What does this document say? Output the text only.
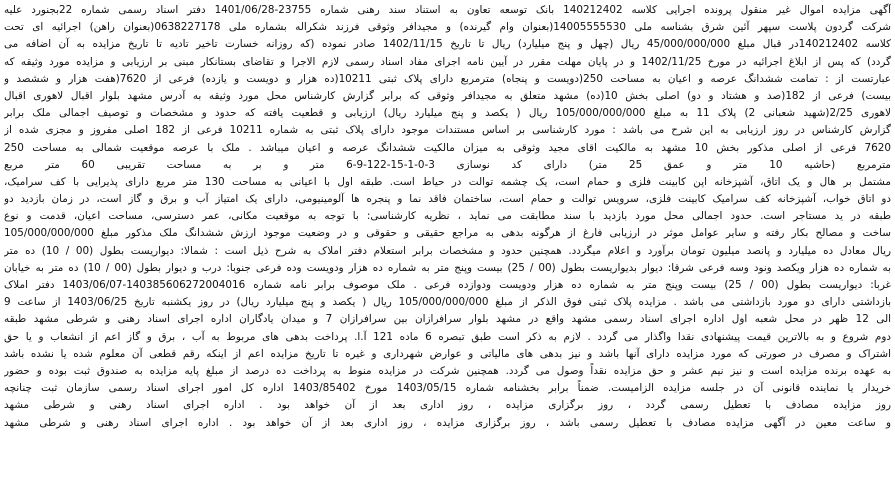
آگهی مزایده اموال غیر منقول پرونده اجرایی کلاسه 140212402 بانک توسعه تعاون به استناد سند رهنی شماره 23755-1401/06/28 دفتر اسناد رسمی شماره 22بجنورد علیه
شرکت گردون پلاست سپهر آئین شرق بشناسه ملی 14005555530(بعنوان وام گیرنده) و مجیدافر وثوقی فرزند شکراله بشماره ملی 0638227178(بعنوان راهن) اجرائیه ای تحت
کلاسه 140212402در قبال مبلغ 45/000/000/000 ریال (چهل و پنج میلیارد) ریال تا تاریخ 1402/11/15 صادر نموده (که روزانه خسارت تاخیر تادیه تا تاریخ مزایده به آن اضافه می
گردد) که پس از ابلاغ اجرائیه در مورخ 1402/11/25 و در پایان مهلت مقرر در آیین نامه اجرای مفاد اسناد رسمی لازم الاجرا و تقاضای بستانکار مبنی بر ارزیابی و مزایده مورد وثیقه که
عبارتست از : تمامت ششدانگ عرصه و اعیان به مساحت 250(دویست و پنجاه) مترمربع دارای پلاک ثبتی 10211(ده هزار و دویست و یازده) فرعی از 7620(هفت هزار و ششصد و
بیست) فرعی از 182(صد و هشتاد و دو) اصلی بخش 10(ده) مشهد متعلق به مجیدافر وثوقی که برابر گزارش کارشناس محل مورد وثیقه به آدرس مشهد بلوار اقبال لاهوری اقبال
لاهوری 2/25(شهید شعبانی 2) پلاک 11 به مبلغ 105/000/000/000 ریال ( یکصد و پنج میلیارد ریال) ارزیابی و قطعیت یافته که حدود و مشخصات و توصیف اجمالی ملک برابر
گزارش کارشناس در روز ارزیابی به این شرح می باشد : مورد کارشناسی بر اساس مستندات موجود دارای پلاک ثبتی به شماره 10211 فرعی از 182 اصلی مفروز و مجزی شده از
7620 فرعی از اصلی مذکور بخش 10 مشهد به مالکیت اقای مجید وثوقی به میزان مالکیت ششدانگ عرصه و اعیان میباشد . ملک با عرصه موقعیت شمالی به مساحت 250
مترمربع (حاشیه 10 متر و عمق 25 متر) دارای کد نوسازی 3-0-1-15-122-9-6 متر و بر به مساحت تقریبی 60 متر مربع
مشتمل بر هال و یک اتاق، آشپزخانه اپن کابینت فلزی و حمام است، یک چشمه توالت در حیاط است. طبقه اول با اعیانی به مساحت 130 متر مربع دارای پذیرایی با کف سرامیک،
دو اتاق خواب، آشپزخانه کف سرامیک کابینت فلزی، سرویس توالت و حمام است، ساختمان فاقد نما و پنجره ها آلومینیومی، دارای یک امتیاز آب و برق و گاز است، در زمان بازدید دو
طبقه در ید مستاجر است. حدود اجمالی محل مورد بازدید با سند مطابقت می نماید ، نظریه کارشناسی: با توجه به موقعیت مکانی، عمر دسترسی، مساحت اعیان، قدمت و نوع
ساخت و مصالح بکار رفته و سایر عوامل موثر در ارزیابی فارغ از هرگونه بدهی به مراجع حقیقی و حقوقی و در وضعیت موجود ارزش ششدانگ ملک مذکور مبلغ 105/000/000/000
ریال معادل ده میلیارد و پانصد میلیون تومان برآورد و اعلام میگردد. همچنین حدود و مشخصات برابر استعلام دفتر املاک به شرح ذیل است : شمالا: دیواریست بطول (00 / 10) ده متر
به شماره ده هزار ویکصد ونود وسه فرعی شرقا: دیوار بدیواریست بطول (00 / 25) بیست وپنج متر به شماره ده هزار ودویست وده فرعی جنوبا: درب و دیوار بطول (00 / 10) ده متر به خیابان
غربا: دیواریست بطول (00 / 25) بیست وپنج متر به شماره ده هزار ودویست ودوازده فرعی . ملک موصوف برابر نامه شماره 140385606272004016-1403/06/07 دفتر املاک
بازداشتی دارای دو مورد بازداشتی می باشد . مزایده پلاک ثبتی فوق الذکر از مبلغ 105/000/000/000 ریال ( یکصد و پنج میلیارد ریال) در روز یکشنبه تاریخ 1403/06/25 از ساعت 9
الی 12 ظهر در محل شعبه اول اداره اجرای اسناد رسمی مشهد واقع در مشهد بلوار سرافرازان بین سرافرازان 7 و میدان یادگاران اداره اجرای اسناد رهنی و شرطی مشهد طبقه
دوم شروع و به بالاترین قیمت پیشنهادی نقدا واگذار می گردد . لازم به ذکر است طبق تبصره 6 ماده 121 آ.ا. پرداخت بدهی های مربوط به آب ، برق و گاز اعم از انشعاب و یا حق
اشتراک و مصرف در صورتی که مورد مزایده دارای آنها باشد و نیز بدهی های مالیاتی و عوارض شهرداری و غیره تا تاریخ مزایده اعم از اینکه رقم قطعی آن معلوم شده یا نشده باشد
به عهده برنده مزایده است و نیز نیم عشر و حق مزایده نقداً وصول می گردد. همچنین شرکت در مزایده منوط به پرداخت ده درصد از مبلغ پایه مزایده به صندوق ثبت بوده و حضور
خریدار یا نماینده قانونی آن در جلسه مزایده الزامیست. ضمناً برابر بخشنامه شماره 1403/05/15 مورخ 1403/85402 اداره کل امور اجرای اسناد رسمی سازمان ثبت چنانچه
روز مزایده مصادف با تعطیل رسمی گردد ، روز برگزاری مزایده ، روز اداری بعد از آن خواهد بود . اداره اجرای اسناد رهنی و شرطی مشهد
و ساعت معین در آگهی مزایده مصادف با تعطیل رسمی باشد ، روز برگزاری مزایده ، روز اداری بعد از آن خواهد بود . اداره اجرای اسناد رهنی و شرطی مشهد
